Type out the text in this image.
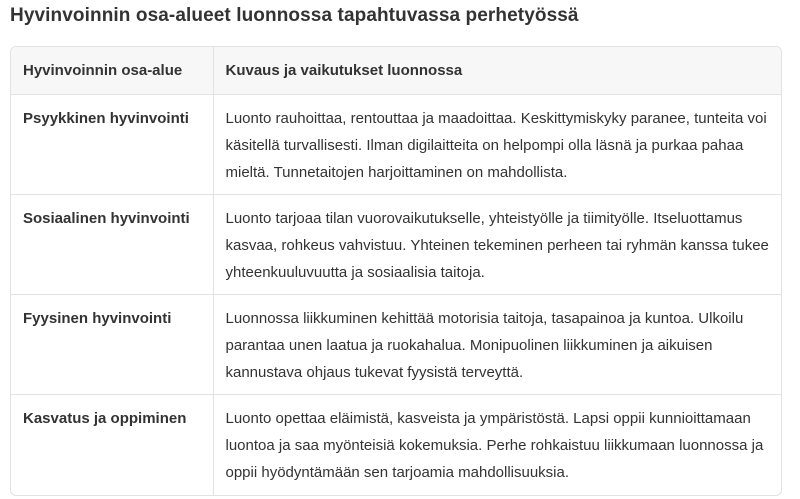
Hyvinvoinnin osa-alueet luonnossa tapahtuvassa perhetyössä
Hyvinvoinnin osa-alue	Kuvaus ja vaikutukset luonnossa
Psyykkinen hyvinvointi	Luonto rauhoittaa, rentouttaa ja maadoittaa. Keskittymiskyky paranee, tunteita voi käsitellä turvallisesti. Ilman digilaitteita on helpompi olla läsnä ja purkaa pahaa mieltä. Tunnetaitojen harjoittaminen on mahdollista.
Sosiaalinen hyvinvointi	Luonto tarjoaa tilan vuorovaikutukselle, yhteistyölle ja tiimityölle. Itseluottamus kasvaa, rohkeus vahvistuu. Yhteinen tekeminen perheen tai ryhmän kanssa tukee yhteenkuuluvuutta ja sosiaalisia taitoja.
Fyysinen hyvinvointi	Luonnossa liikkuminen kehittää motorisia taitoja, tasapainoa ja kuntoa. Ulkoilu parantaa unen laatua ja ruokahalua. Monipuolinen liikkuminen ja aikuisen kannustava ohjaus tukevat fyysistä terveyttä.
Kasvatus ja oppiminen	Luonto opettaa eläimistä, kasveista ja ympäristöstä. Lapsi oppii kunnioittamaan luontoa ja saa myönteisiä kokemuksia. Perhe rohkaistuu liikkumaan luonnossa ja oppii hyödyntämään sen tarjoamia mahdollisuuksia.
